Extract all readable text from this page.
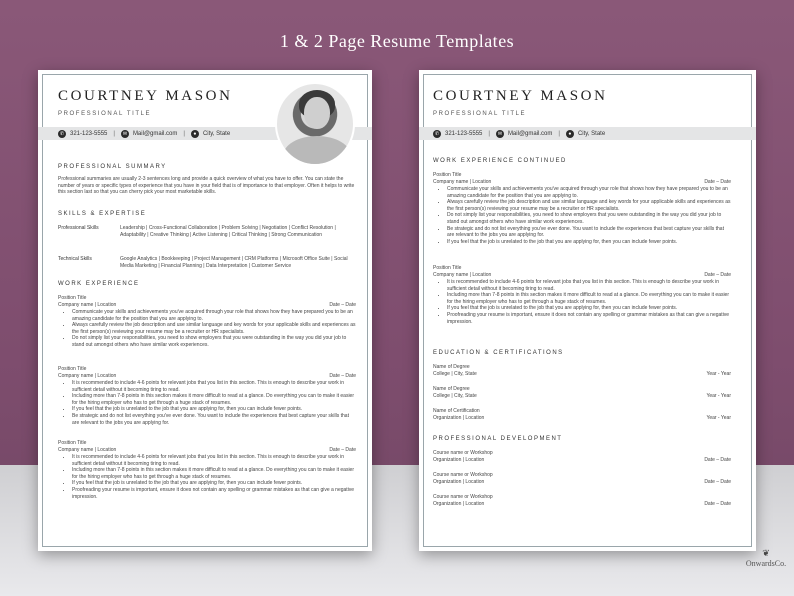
1 & 2 Page Resume Templates
COURTNEY MASON
PROFESSIONAL TITLE
✆ 321-123-5555 |	✉ Mail@gmail.com |	●	City, State
PROFESSIONAL SUMMARY
Professional summaries are usually 2-3 sentences long and provide a quick overview of what you have to offer. You can state the number of years or specific types of experience that you have in your field that is of importance to that employer. Often it helps to write this section last so that you can cherry pick your most marketable skills.
SKILLS & EXPERTISE
Professional Skills	Leadership | Cross-Functional Collaboration | Problem Solving | Negotiation | Conflict Resolution | Adaptability | Creative Thinking | Active Listening | Critical Thinking | Strong Communication
Technical Skills	Google Analytics | Bookkeeping | Project Management | CRM Platforms | Microsoft Office Suite | Social Media Marketing | Financial Planning | Data Interpretation | Customer Service
WORK EXPERIENCE
Position Title
Company name | Location	Date – Date
• Communicate your skills and achievements you've acquired through your role that shows how they have prepared you to be an amazing candidate for the position that you are applying to.
• Always carefully review the job description and use similar language and key words for your applicable skills and experiences as the first person(s) reviewing your resume may be a recruiter or HR specialists.
• Do not simply list your responsibilities, you need to show employers that you were outstanding in the way you did your job to stand out amongst others who have similar work experiences.
Position Title
Company name | Location	Date – Date
• It is recommended to include 4-6 points for relevant jobs that you list in this section. This is enough to describe your work in sufficient detail without it becoming tiring to read.
• Including more than 7-8 points in this section makes it more difficult to read at a glance. Do everything you can to make it easier for the hiring employer who has to get through a huge stack of resumes.
• If you feel that the job is unrelated to the job that you are applying for, then you can include fewer points.
• Be strategic and do not list everything you've ever done. You want to include the experiences that best capture your skills that are relevant to the jobs you are applying for.
Position Title
Company name | Location	Date – Date
• It is recommended to include 4-6 points for relevant jobs that you list in this section. This is enough to describe your work in sufficient detail without it becoming tiring to read.
• Including more than 7-8 points in this section makes it more difficult to read at a glance. Do everything you can to make it easier for the hiring employer who has to get through a huge stack of resumes.
• If you feel that the job is unrelated to the job that you are applying for, then you can include fewer points.
• Proofreading your resume is important, ensure it does not contain any spelling or grammar mistakes as that can give a negative impression.
COURTNEY MASON
PROFESSIONAL TITLE
✆ 321-123-5555 |	✉ Mail@gmail.com |	●	City, State
WORK EXPERIENCE CONTINUED
Position Title
Company name | Location	Date – Date
• Communicate your skills and achievements you've acquired through your role that shows how they have prepared you to be an amazing candidate for the position that you are applying to.
• Always carefully review the job description and use similar language and key words for your applicable skills and experiences as the first person(s) reviewing your resume may be a recruiter or HR specialists.
• Do not simply list your responsibilities, you need to show employers that you were outstanding in the way you did your job to stand out amongst others who have similar work experiences.
• Be strategic and do not list everything you've ever done. You want to include the experiences that best capture your skills that are relevant to the jobs you are applying for.
• If you feel that the job is unrelated to the job that you are applying for, then you can include fewer points.
Position Title
Company name | Location	Date – Date
• It is recommended to include 4-6 points for relevant jobs that you list in this section. This is enough to describe your work in sufficient detail without it becoming tiring to read.
• Including more than 7-8 points in this section makes it more difficult to read at a glance. Do everything you can to make it easier for the hiring employer who has to get through a huge stack of resumes.
• If you feel that the job is unrelated to the job that you are applying for, then you can include fewer points.
• Proofreading your resume is important, ensure it does not contain any spelling or grammar mistakes as that can give a negative impression.
EDUCATION & CERTIFICATIONS
Name of Degree
College | City, State	Year - Year
Name of Degree
College | City, State	Year - Year
Name of Certification
Organization | Location	Year - Year
PROFESSIONAL DEVELOPMENT
Course name or Workshop
Organization | Location	Date – Date
Course name or Workshop
Organization | Location	Date – Date
Course name or Workshop
Organization | Location	Date – Date
❦
OnwardsCo.
